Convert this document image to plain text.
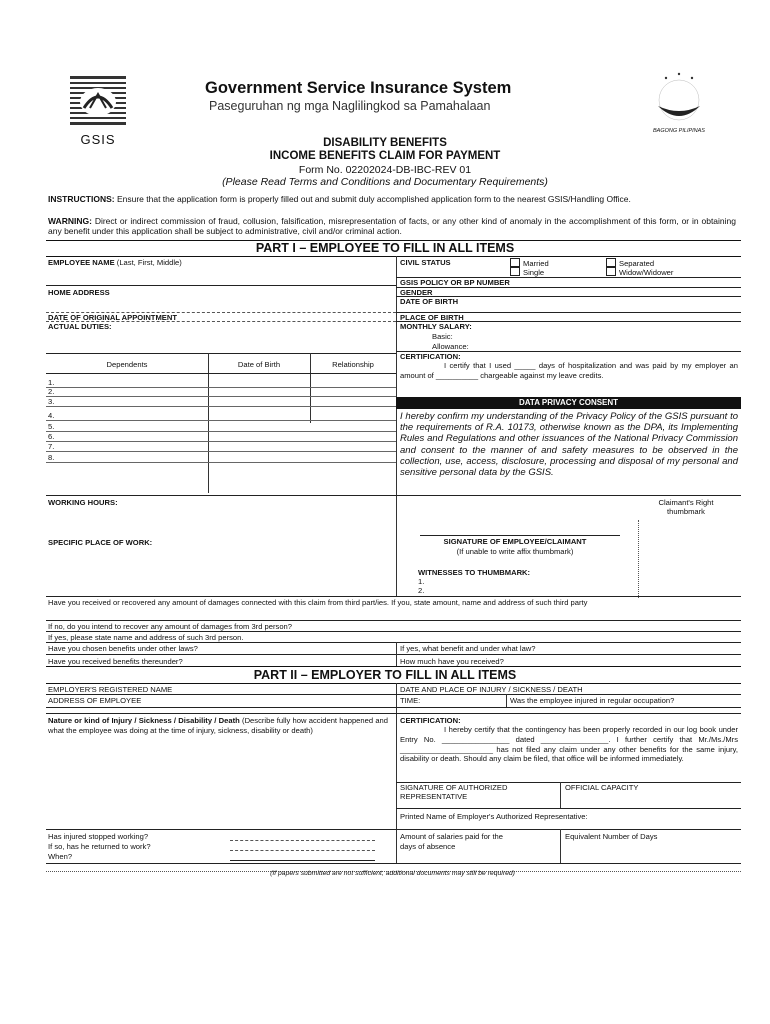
GSIS
Government Service Insurance System
Paseguruhan ng mga Naglilingkod sa Pamahalaan
BAGONG PILIPINAS
DISABILITY BENEFITS
INCOME BENEFITS CLAIM FOR PAYMENT
Form No. 02202024-DB-IBC-REV 01
(Please Read Terms and Conditions and Documentary Requirements)
INSTRUCTIONS: Ensure that the application form is properly filled out and submit duly accomplished application form to the nearest GSIS/Handling Office.
WARNING: Direct or indirect commission of fraud, collusion, falsification, misrepresentation of facts, or any other kind of anomaly in the accomplishment of this form, or in obtaining any benefit under this application shall be subject to administrative, civil and/or criminal action.
PART I – EMPLOYEE TO FILL IN ALL ITEMS
EMPLOYEE NAME (Last, First, Middle)
HOME ADDRESS
DATE OF ORIGINAL APPOINTMENT
ACTUAL DUTIES:
Dependents	Date of Birth	Relationship
1.
2.
3.
4.
5.
6.
7.
8.
WORKING HOURS:
SPECIFIC PLACE OF WORK:
CIVIL STATUS	Married	Separated
Single	Widow/Widower
GSIS POLICY OR BP NUMBER
GENDER
DATE OF BIRTH
PLACE OF BIRTH
MONTHLY SALARY:
Basic:
Allowance:
CERTIFICATION:
I certify that I used _____ days of hospitalization and was paid by my employer an amount of __________ chargeable against my leave credits.
DATA PRIVACY CONSENT
I hereby confirm my understanding of the Privacy Policy of the GSIS pursuant to the requirements of R.A. 10173, otherwise known as the DPA, its Implementing Rules and Regulations and other issuances of the National Privacy Commission and consent to the manner of and safety measures to be observed in the collection, use, access, disclosure, processing and disposal of my personal and sensitive personal data by the GSIS.
Claimant's Right thumbmark
SIGNATURE OF EMPLOYEE/CLAIMANT
(If unable to write affix thumbmark)
WITNESSES TO THUMBMARK:
1.
2.
Have you received or recovered any amount of damages connected with this claim from third part/ies. If you, state amount, name and address of such third party
If no, do you intend to recover any amount of damages from 3rd person?
If yes, please state name and address of such 3rd person.
Have you chosen benefits under other laws?	If yes, what benefit and under what law?
Have you received benefits thereunder?	How much have you received?
PART II – EMPLOYER TO FILL IN ALL ITEMS
EMPLOYER'S REGISTERED NAME
ADDRESS OF EMPLOYEE
DATE AND PLACE OF INJURY / SICKNESS / DEATH
TIME:	Was the employee injured in regular occupation?
Nature or kind of Injury / Sickness / Disability / Death (Describe fully how accident happened and what the employee was doing at the time of injury, sickness, disability or death)
CERTIFICATION:
I hereby certify that the contingency has been properly recorded in our log book under Entry No. ________________ dated ________________. I further certify that Mr./Ms./Mrs ______________________ has not filed any claim under any other benefits for the same injury, disability or death. Should any claim be filed, that office will be informed immediately.
SIGNATURE OF AUTHORIZED REPRESENTATIVE
OFFICIAL CAPACITY
Printed Name of Employer's Authorized Representative:
Has injured stopped working?
If so, has he returned to work?
When?
Amount of salaries paid for the days of absence
Equivalent Number of Days
(If papers submitted are not sufficient, additional documents may still be required)
